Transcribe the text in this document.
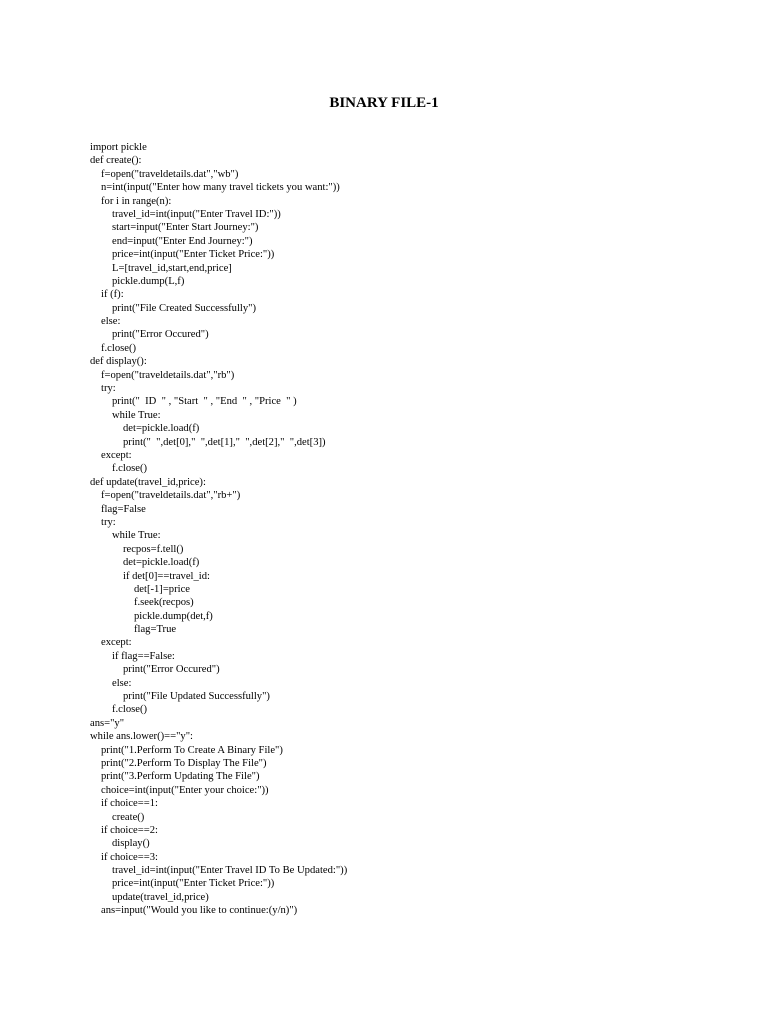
BINARY FILE-1
import pickle
def create():
f=open("traveldetails.dat","wb")
n=int(input("Enter how many travel tickets you want:"))
for i in range(n):
travel_id=int(input("Enter Travel ID:"))
start=input("Enter Start Journey:")
end=input("Enter End Journey:")
price=int(input("Enter Ticket Price:"))
L=[travel_id,start,end,price]
pickle.dump(L,f)
if (f):
print("File Created Successfully")
else:
print("Error Occured")
f.close()
def display():
f=open("traveldetails.dat","rb")
try:
print("  ID  " , "Start  " , "End  " , "Price  " )
while True:
det=pickle.load(f)
print("  ",det[0],"  ",det[1],"  ",det[2],"  ",det[3])
except:
f.close()
def update(travel_id,price):
f=open("traveldetails.dat","rb+")
flag=False
try:
while True:
recpos=f.tell()
det=pickle.load(f)
if det[0]==travel_id:
det[-1]=price
f.seek(recpos)
pickle.dump(det,f)
flag=True
except:
if flag==False:
print("Error Occured")
else:
print("File Updated Successfully")
f.close()
ans="y"
while ans.lower()=="y":
print("1.Perform To Create A Binary File")
print("2.Perform To Display The File")
print("3.Perform Updating The File")
choice=int(input("Enter your choice:"))
if choice==1:
create()
if choice==2:
display()
if choice==3:
travel_id=int(input("Enter Travel ID To Be Updated:"))
price=int(input("Enter Ticket Price:"))
update(travel_id,price)
ans=input("Would you like to continue:(y/n)")
